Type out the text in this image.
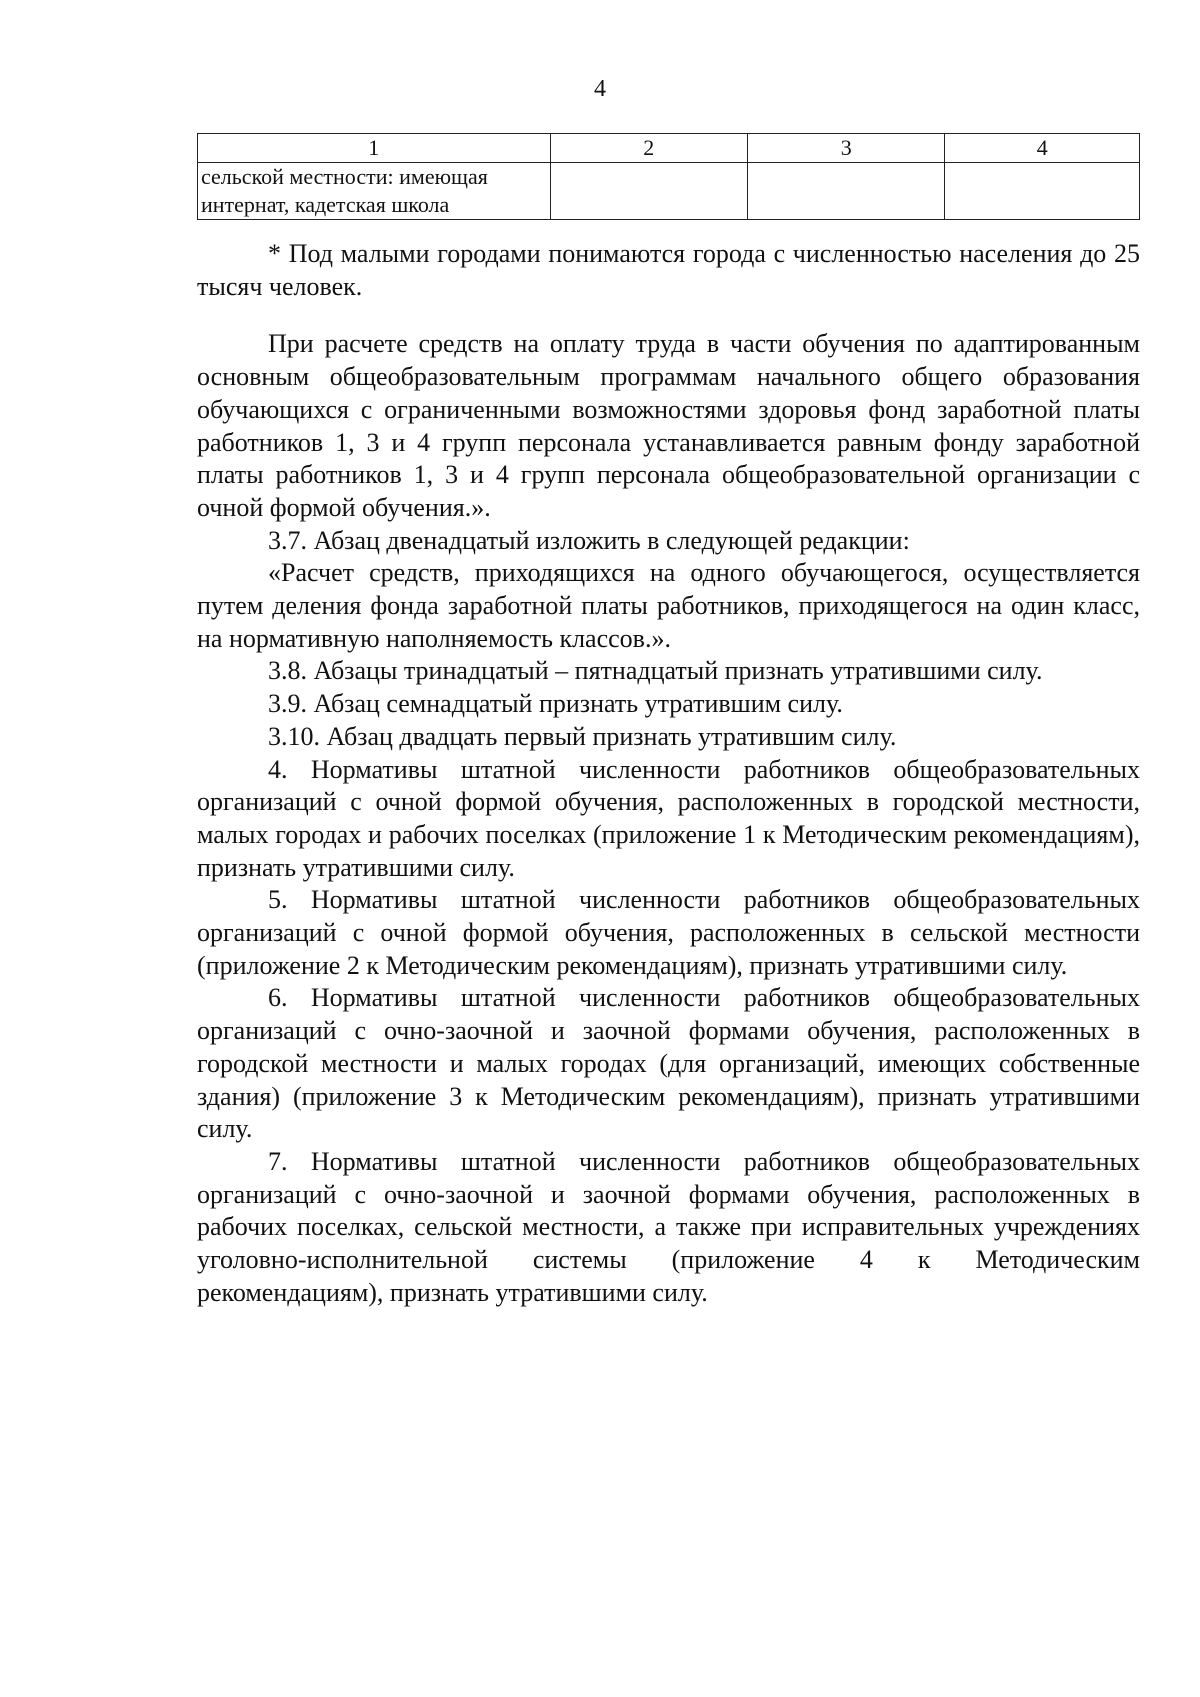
4
1	2	3	4
сельской местности: имеющая интернат, кадетская школа			

* Под малыми городами понимаются города с численностью населения до 25 тысяч человек.

При расчете средств на оплату труда в части обучения по адаптированным основным общеобразовательным программам начального общего образования обучающихся с ограниченными возможностями здоровья фонд заработной платы работников 1, 3 и 4 групп персонала устанавливается равным фонду заработной платы работников 1, 3 и 4 групп персонала общеобразовательной организации с очной формой обучения.».

3.7. Абзац двенадцатый изложить в следующей редакции:

«Расчет средств, приходящихся на одного обучающегося, осуществляется путем деления фонда заработной платы работников, приходящегося на один класс, на нормативную наполняемость классов.».

3.8. Абзацы тринадцатый – пятнадцатый признать утратившими силу.

3.9. Абзац семнадцатый признать утратившим силу.

3.10. Абзац двадцать первый признать утратившим силу.

4. Нормативы штатной численности работников общеобразовательных организаций с очной формой обучения, расположенных в городской местности, малых городах и рабочих поселках (приложение 1 к Методическим рекомендациям), признать утратившими силу.

5. Нормативы штатной численности работников общеобразовательных организаций с очной формой обучения, расположенных в сельской местности (приложение 2 к Методическим рекомендациям), признать утратившими силу.

6. Нормативы штатной численности работников общеобразовательных организаций с очно-заочной и заочной формами обучения, расположенных в городской местности и малых городах (для организаций, имеющих собственные здания) (приложение 3 к Методическим рекомендациям), признать утратившими силу.

7. Нормативы штатной численности работников общеобразовательных организаций с очно-заочной и заочной формами обучения, расположенных в рабочих поселках, сельской местности, а также при исправительных учреждениях уголовно-исполнительной системы (приложение 4 к Методическим рекомендациям), признать утратившими силу.
